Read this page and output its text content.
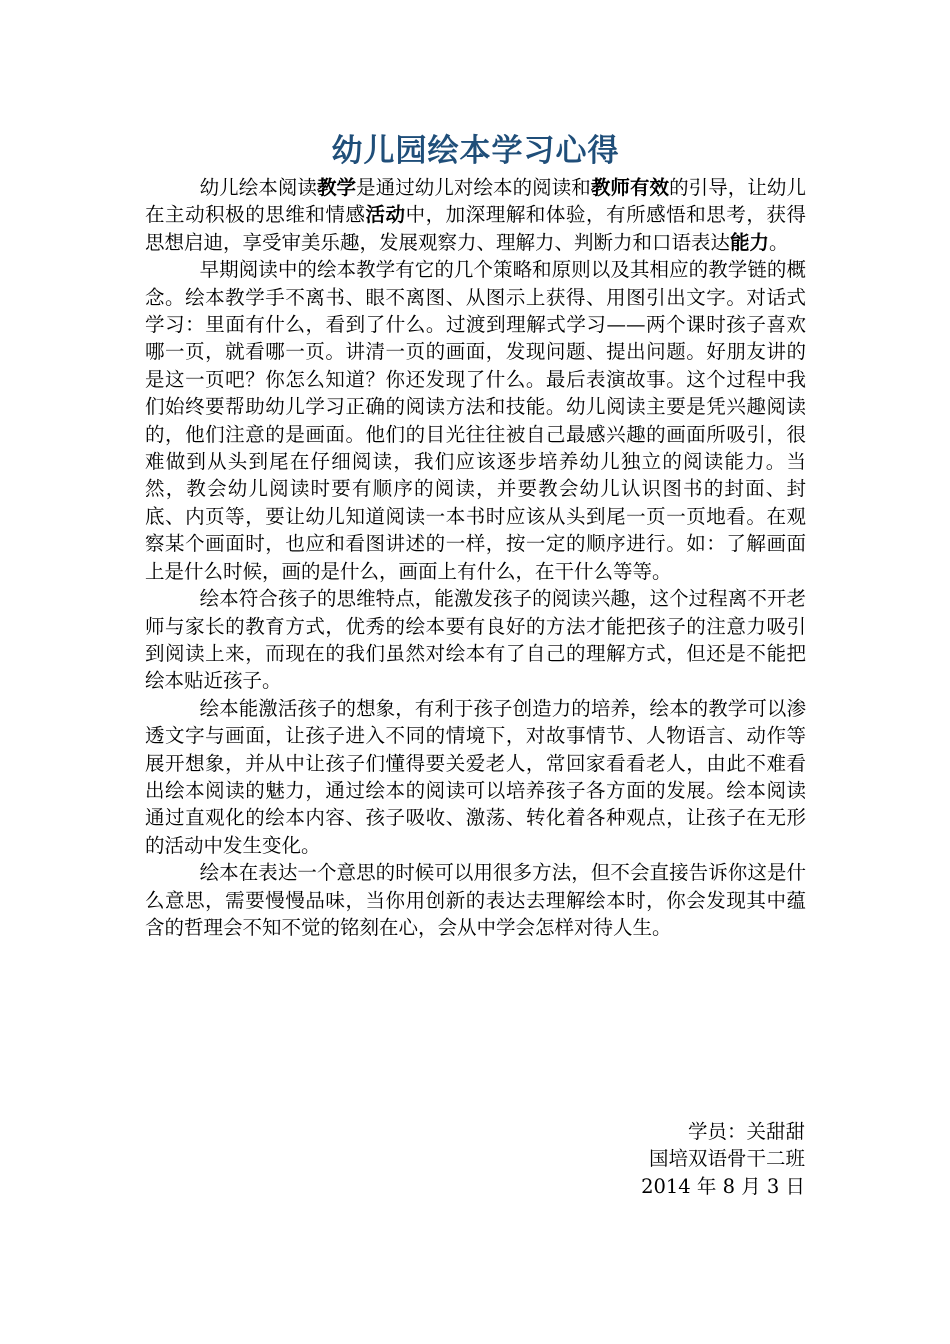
幼儿园绘本学习心得

幼儿绘本阅读教学是通过幼儿对绘本的阅读和教师有效的引导，让幼儿在主动积极的思维和情感活动中，加深理解和体验，有所感悟和思考，获得思想启迪，享受审美乐趣，发展观察力、理解力、判断力和口语表达能力。

早期阅读中的绘本教学有它的几个策略和原则以及其相应的教学链的概念。绘本教学手不离书、眼不离图、从图示上获得、用图引出文字。对话式学习：里面有什么，看到了什么。过渡到理解式学习——两个课时孩子喜欢哪一页，就看哪一页。讲清一页的画面，发现问题、提出问题。好朋友讲的是这一页吧？你怎么知道？你还发现了什么。最后表演故事。这个过程中我们始终要帮助幼儿学习正确的阅读方法和技能。幼儿阅读主要是凭兴趣阅读的，他们注意的是画面。他们的目光往往被自己最感兴趣的画面所吸引，很难做到从头到尾在仔细阅读，我们应该逐步培养幼儿独立的阅读能力。当然，教会幼儿阅读时要有顺序的阅读，并要教会幼儿认识图书的封面、封底、内页等，要让幼儿知道阅读一本书时应该从头到尾一页一页地看。在观察某个画面时，也应和看图讲述的一样，按一定的顺序进行。如：了解画面上是什么时候，画的是什么，画面上有什么，在干什么等等。

绘本符合孩子的思维特点，能激发孩子的阅读兴趣，这个过程离不开老师与家长的教育方式，优秀的绘本要有良好的方法才能把孩子的注意力吸引到阅读上来，而现在的我们虽然对绘本有了自己的理解方式，但还是不能把绘本贴近孩子。

绘本能激活孩子的想象，有利于孩子创造力的培养，绘本的教学可以渗透文字与画面，让孩子进入不同的情境下，对故事情节、人物语言、动作等展开想象，并从中让孩子们懂得要关爱老人，常回家看看老人，由此不难看出绘本阅读的魅力，通过绘本的阅读可以培养孩子各方面的发展。绘本阅读通过直观化的绘本内容、孩子吸收、激荡、转化着各种观点，让孩子在无形的活动中发生变化。

绘本在表达一个意思的时候可以用很多方法，但不会直接告诉你这是什么意思，需要慢慢品味，当你用创新的表达去理解绘本时，你会发现其中蕴含的哲理会不知不觉的铭刻在心，会从中学会怎样对待人生。

学员：关甜甜
国培双语骨干二班
2014 年 8 月 3 日
